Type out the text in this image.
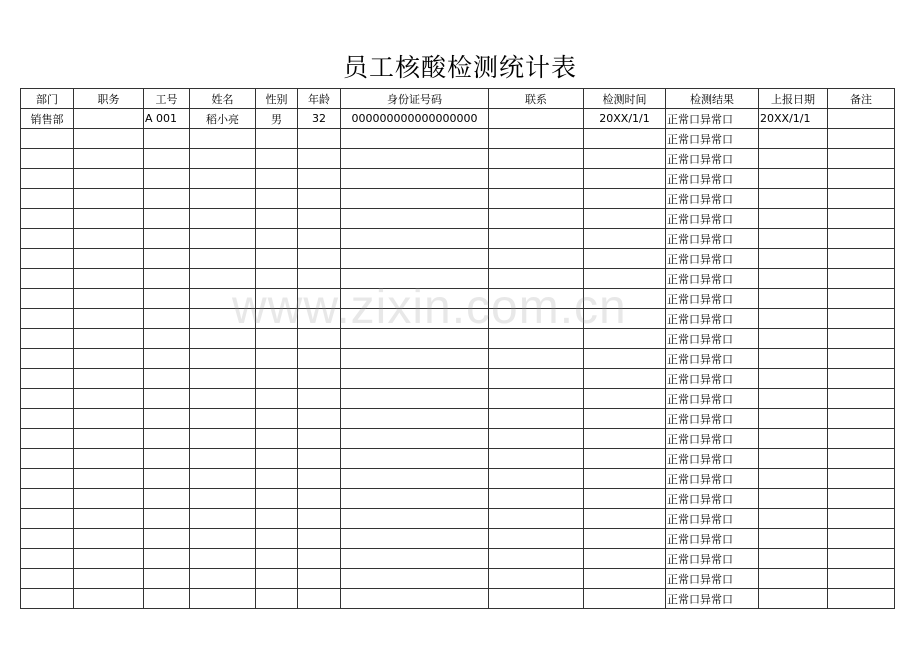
员工核酸检测统计表
部门	职务	工号	姓名	性别	年龄	身份证号码	联系	检测时间	检测结果	上报日期	备注
销售部		A 001	稻小亮	男	32	000000000000000000		20XX/1/1	正常口异常口	20XX/1/1	
									正常口异常口		
									正常口异常口		
									正常口异常口		
									正常口异常口		
									正常口异常口		
									正常口异常口		
									正常口异常口		
									正常口异常口		
									正常口异常口		
									正常口异常口		
									正常口异常口		
									正常口异常口		
									正常口异常口		
									正常口异常口		
									正常口异常口		
									正常口异常口		
									正常口异常口		
									正常口异常口		
									正常口异常口		
									正常口异常口		
									正常口异常口		
									正常口异常口		
									正常口异常口		
									正常口异常口		
www.zixin.com.cn
